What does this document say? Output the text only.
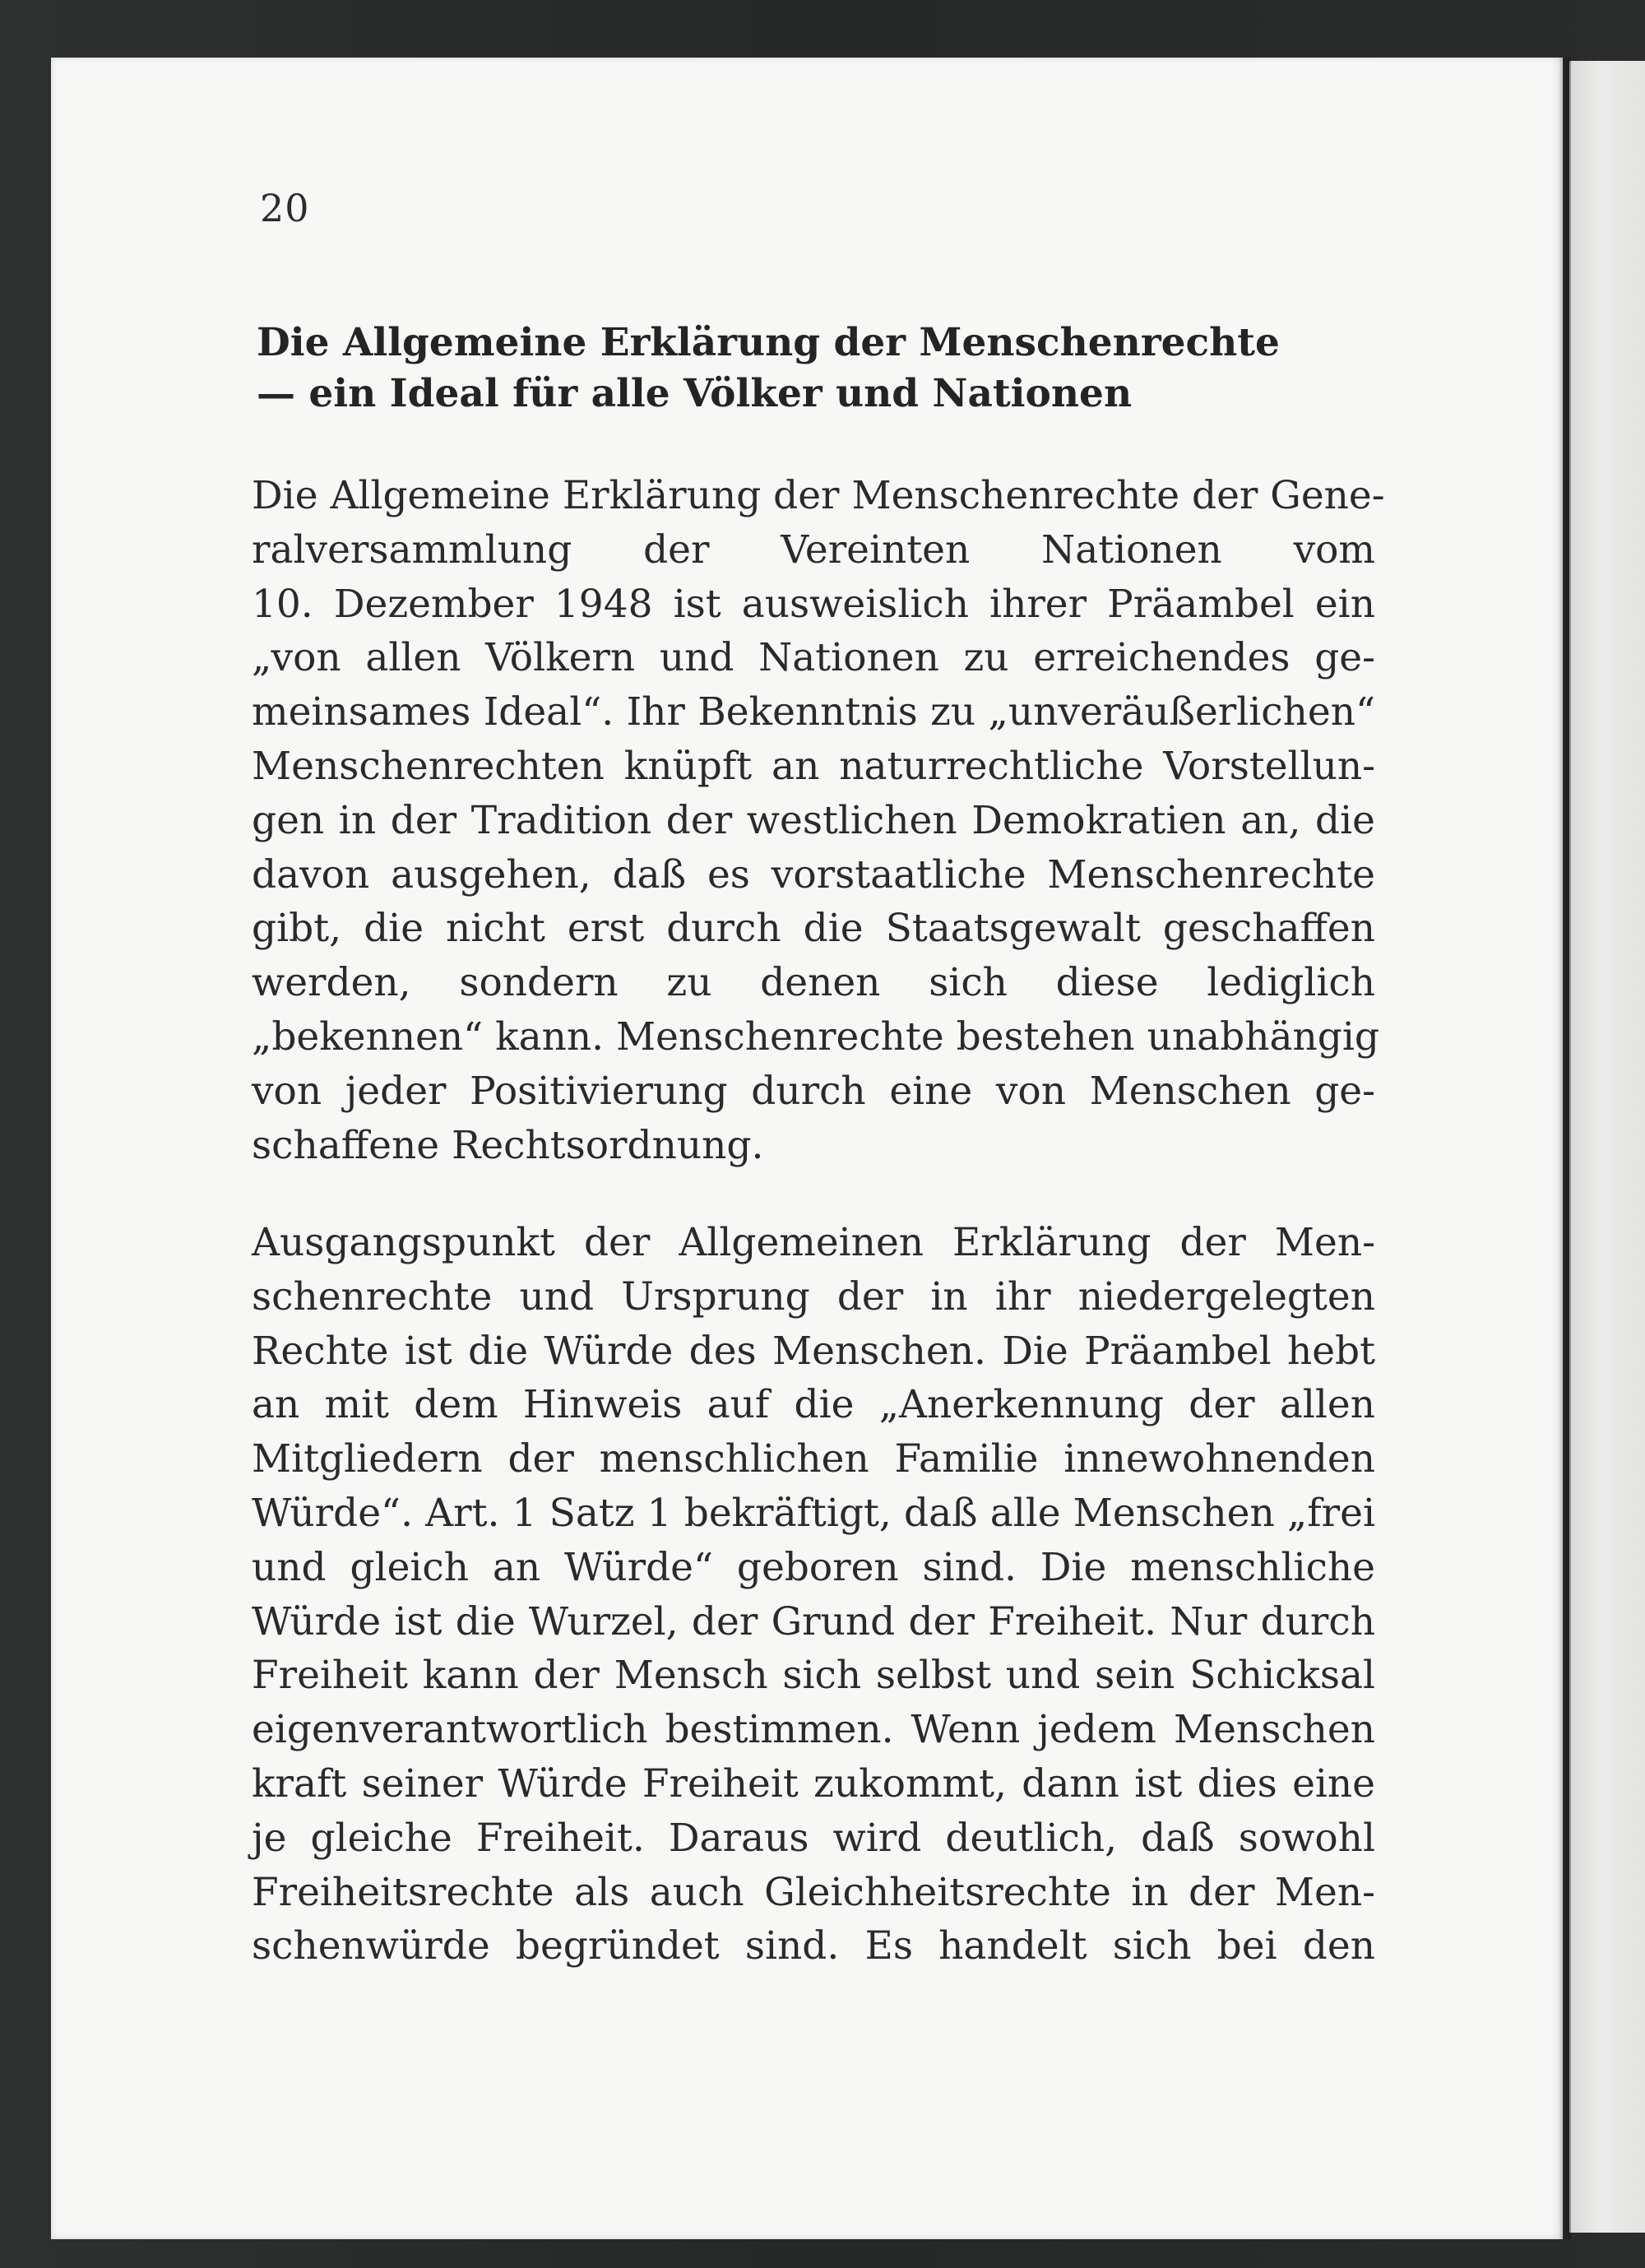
20
Die Allgemeine Erklärung der Menschenrechte
— ein Ideal für alle Völker und Nationen
Die Allgemeine Erklärung der Menschenrechte der Gene-
ralversammlung der Vereinten Nationen vom
10. Dezember 1948 ist ausweislich ihrer Präambel ein
„von allen Völkern und Nationen zu erreichendes ge-
meinsames Ideal“. Ihr Bekenntnis zu „unveräußerlichen“
Menschenrechten knüpft an naturrechtliche Vorstellun-
gen in der Tradition der westlichen Demokratien an, die
davon ausgehen, daß es vorstaatliche Menschenrechte
gibt, die nicht erst durch die Staatsgewalt geschaffen
werden, sondern zu denen sich diese lediglich
„bekennen“ kann. Menschenrechte bestehen unabhängig
von jeder Positivierung durch eine von Menschen ge-
schaffene Rechtsordnung.
Ausgangspunkt der Allgemeinen Erklärung der Men-
schenrechte und Ursprung der in ihr niedergelegten
Rechte ist die Würde des Menschen. Die Präambel hebt
an mit dem Hinweis auf die „Anerkennung der allen
Mitgliedern der menschlichen Familie innewohnenden
Würde“. Art. 1 Satz 1 bekräftigt, daß alle Menschen „frei
und gleich an Würde“ geboren sind. Die menschliche
Würde ist die Wurzel, der Grund der Freiheit. Nur durch
Freiheit kann der Mensch sich selbst und sein Schicksal
eigenverantwortlich bestimmen. Wenn jedem Menschen
kraft seiner Würde Freiheit zukommt, dann ist dies eine
je gleiche Freiheit. Daraus wird deutlich, daß sowohl
Freiheitsrechte als auch Gleichheitsrechte in der Men-
schenwürde begründet sind. Es handelt sich bei den
